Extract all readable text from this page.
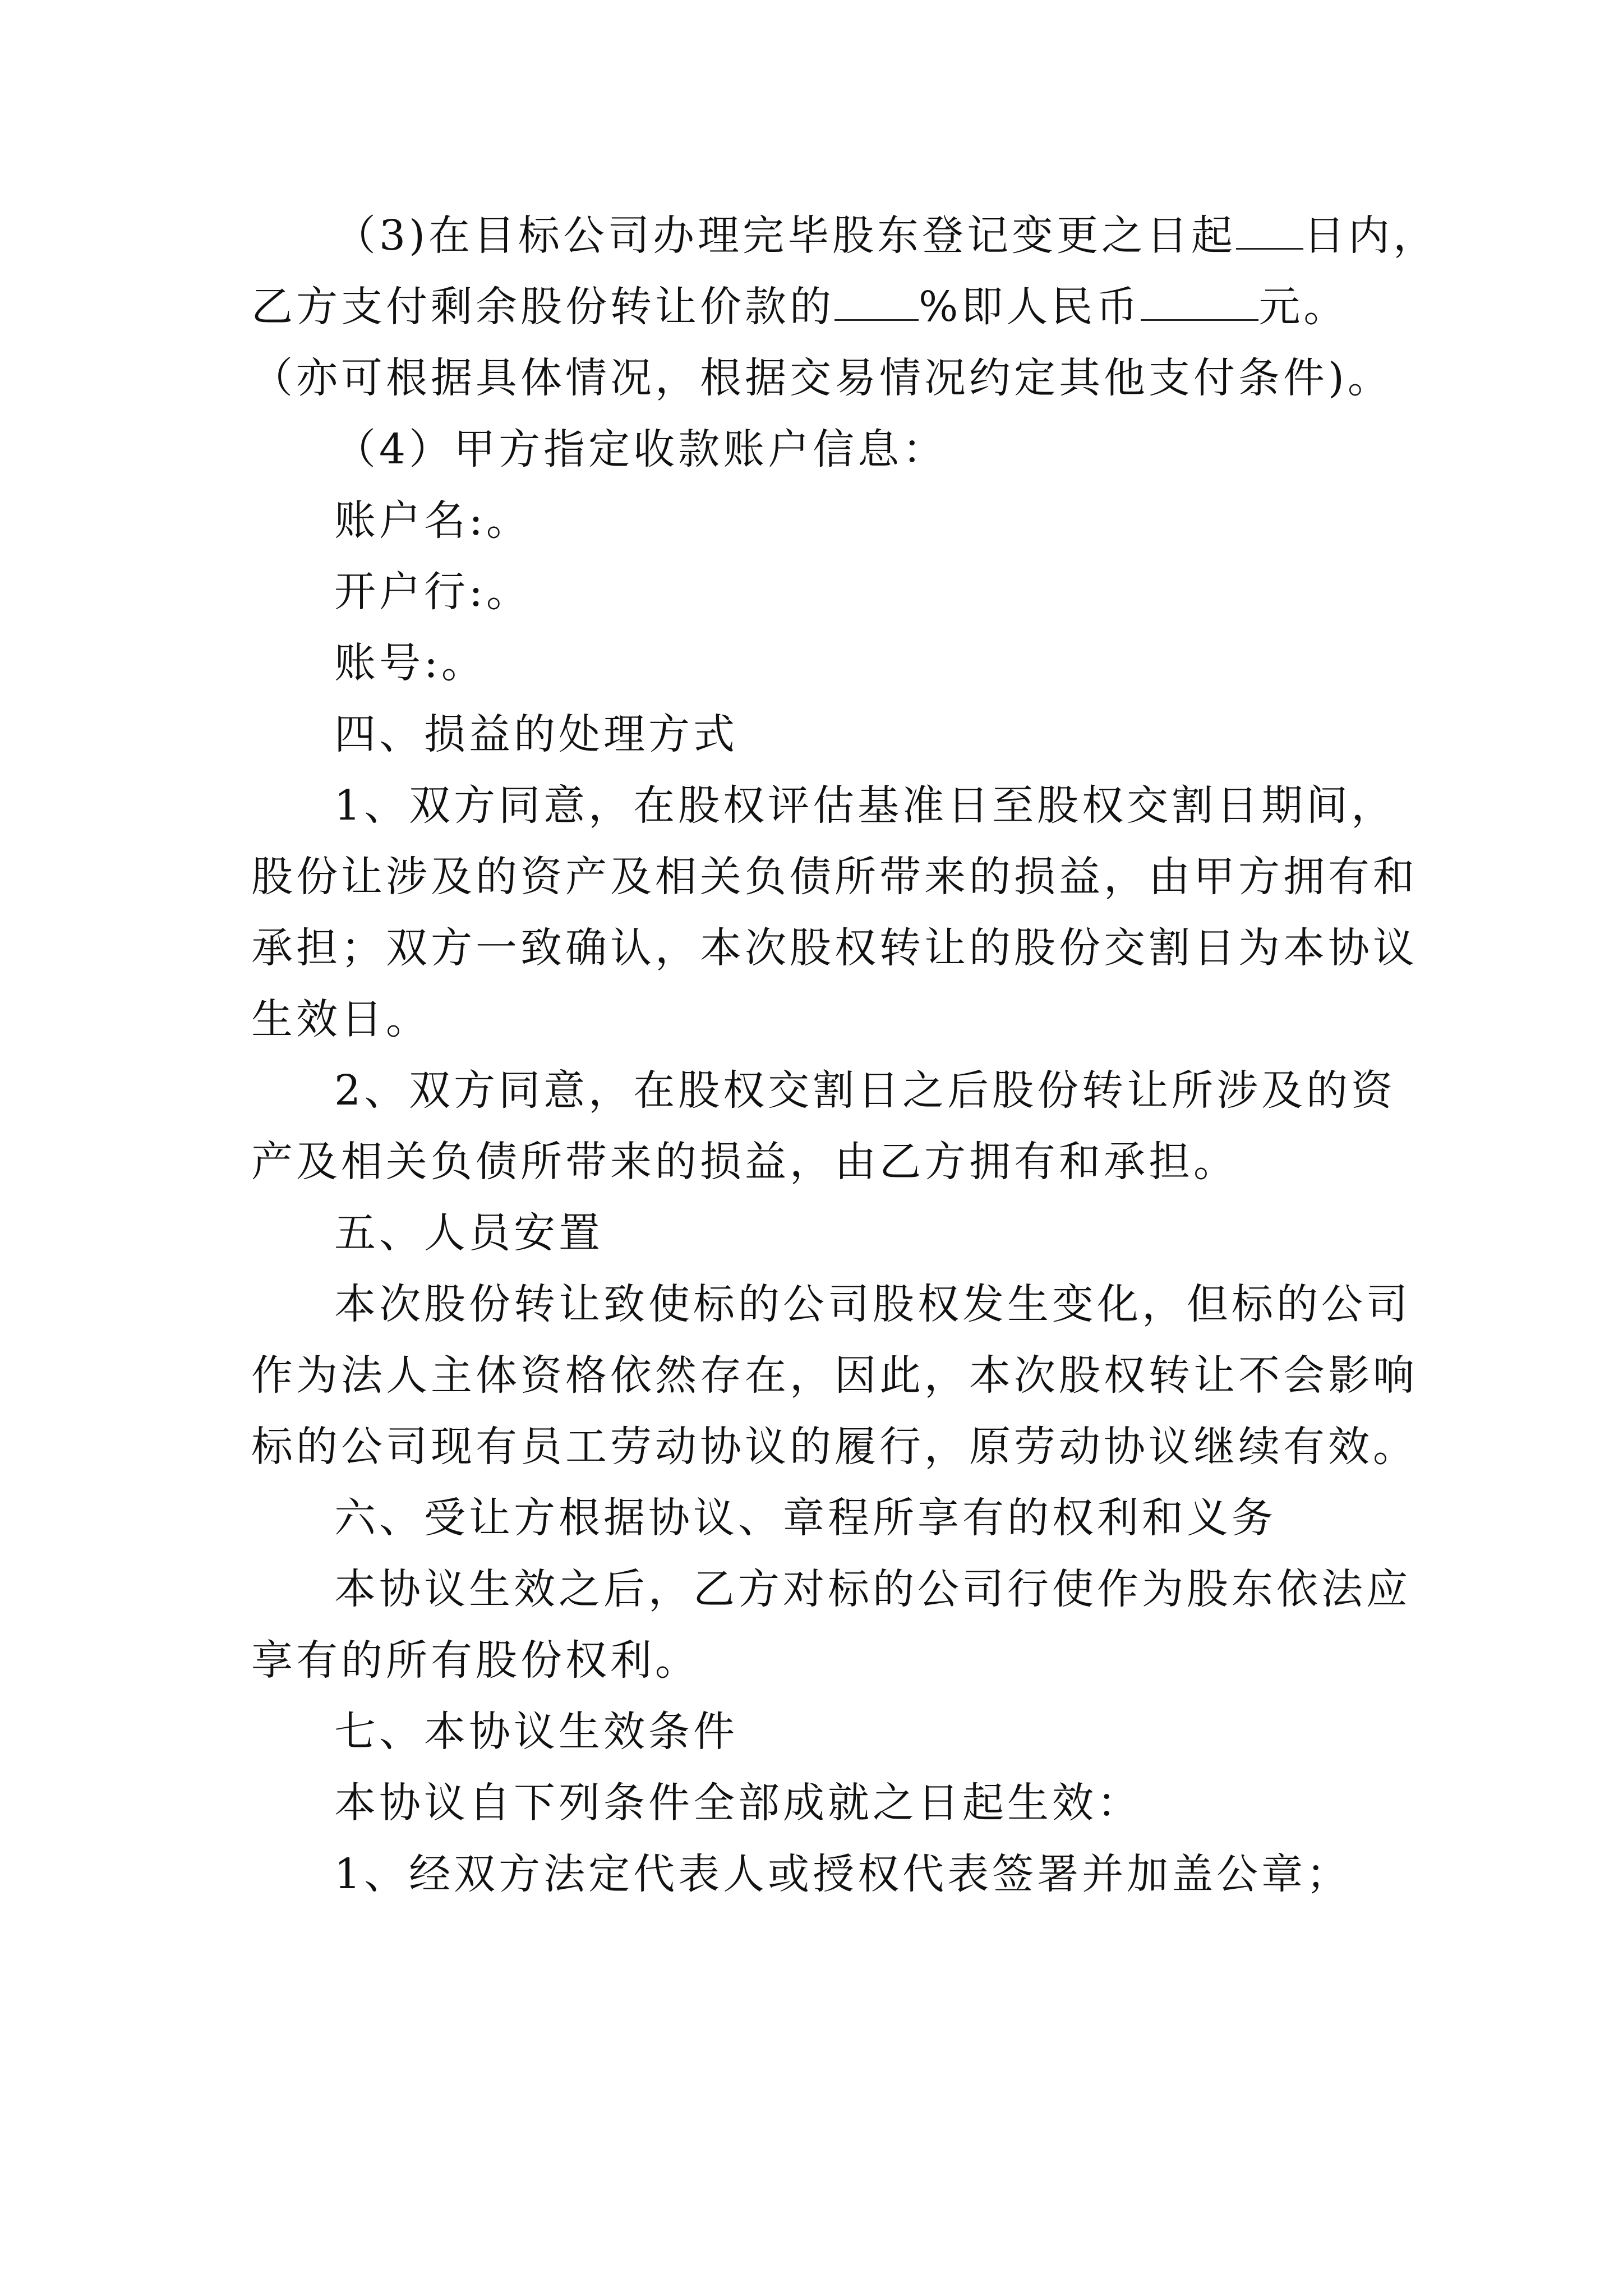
（3)在目标公司办理完毕股东登记变更之日起 日内，
乙方支付剩余股份转让价款的 %即人民币	元。
（亦可根据具体情况，根据交易情况约定其他支付条件)。
（4）甲方指定收款账户信息：
账户名:。
开户行:。
账号:。
四、损益的处理方式
1、双方同意，在股权评估基准日至股权交割日期间，
股份让涉及的资产及相关负债所带来的损益，由甲方拥有和
承担；双方一致确认，本次股权转让的股份交割日为本协议
生效日。
2、双方同意，在股权交割日之后股份转让所涉及的资
产及相关负债所带来的损益，由乙方拥有和承担。
五、人员安置
本次股份转让致使标的公司股权发生变化，但标的公司
作为法人主体资格依然存在，因此，本次股权转让不会影响
标的公司现有员工劳动协议的履行，原劳动协议继续有效。
六、受让方根据协议、章程所享有的权利和义务
本协议生效之后，乙方对标的公司行使作为股东依法应
享有的所有股份权利。
七、本协议生效条件
本协议自下列条件全部成就之日起生效：
1、经双方法定代表人或授权代表签署并加盖公章；
